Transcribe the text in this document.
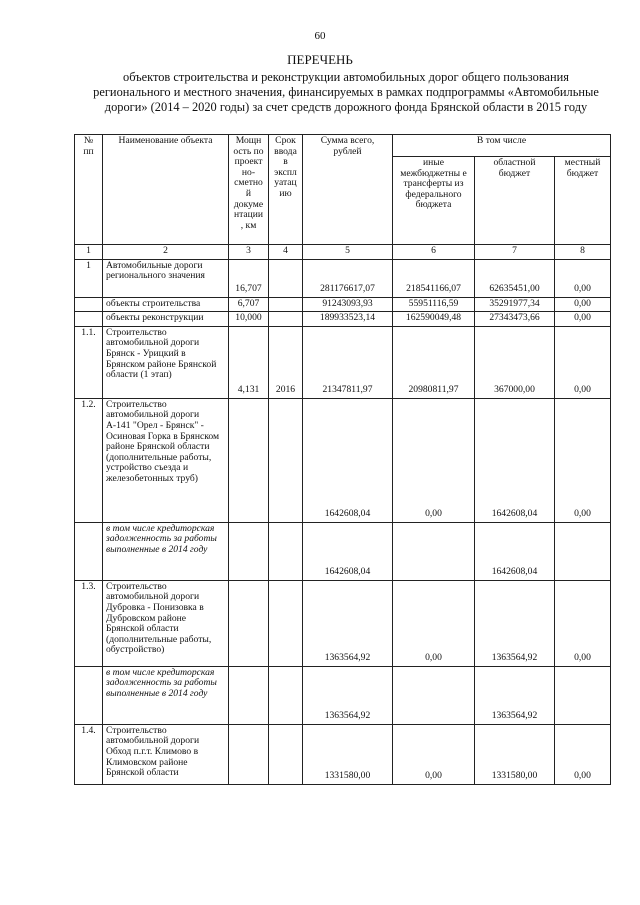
60
ПЕРЕЧЕНЬ
объектов строительства и реконструкции автомобильных дорог общего пользования регионального и местного значения, финансируемых в рамках подпрограммы «Автомобильные дороги» (2014 – 2020 годы) за счет средств дорожного фонда Брянской области в 2015 году
№ пп	Наименование объекта	Мощн ость по проект но- сметно й докуме нтации , км	Срок ввода в экспл уатац ию	Сумма всего, рублей	В том числе		
					иные межбюджетны е трансферты из федерального бюджета	областной бюджет	местный бюджет
1	2	3	4	5	6	7	8
1	Автомобильные дороги регионального значения	16,707		281176617,07	218541166,07	62635451,00	0,00
	объекты строительства	6,707		91243093,93	55951116,59	35291977,34	0,00
	объекты реконструкции	10,000		189933523,14	162590049,48	27343473,66	0,00
1.1.	Строительство автомобильной дороги Брянск - Урицкий в Брянском районе Брянской области (1 этап)	4,131	2016	21347811,97	20980811,97	367000,00	0,00
1.2.	Строительство автомобильной дороги А-141 "Орел - Брянск" - Осиновая Горка в Брянском районе Брянской области (дополнительные работы, устройство съезда и железобетонных труб)			1642608,04	0,00	1642608,04	0,00
	в том числе кредиторская задолженность за работы выполненные в 2014 году			1642608,04		1642608,04	
1.3.	Строительство автомобильной дороги Дубровка - Понизовка в Дубровском районе Брянской области (дополнительные работы, обустройство)			1363564,92	0,00	1363564,92	0,00
	в том числе кредиторская задолженность за работы выполненные в 2014 году			1363564,92		1363564,92	
1.4.	Строительство автомобильной дороги Обход п.г.т. Климово в Климовском районе Брянской области			1331580,00	0,00	1331580,00	0,00
